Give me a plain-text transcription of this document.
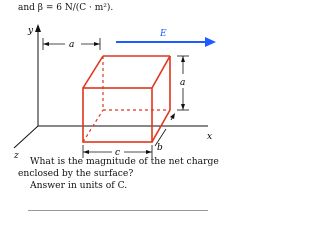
and β = 6 N/(C · m²).
y
x
z
a
E
a
c	b

What is the magnitude of the net charge enclosed by the surface?

Answer in units of C.
